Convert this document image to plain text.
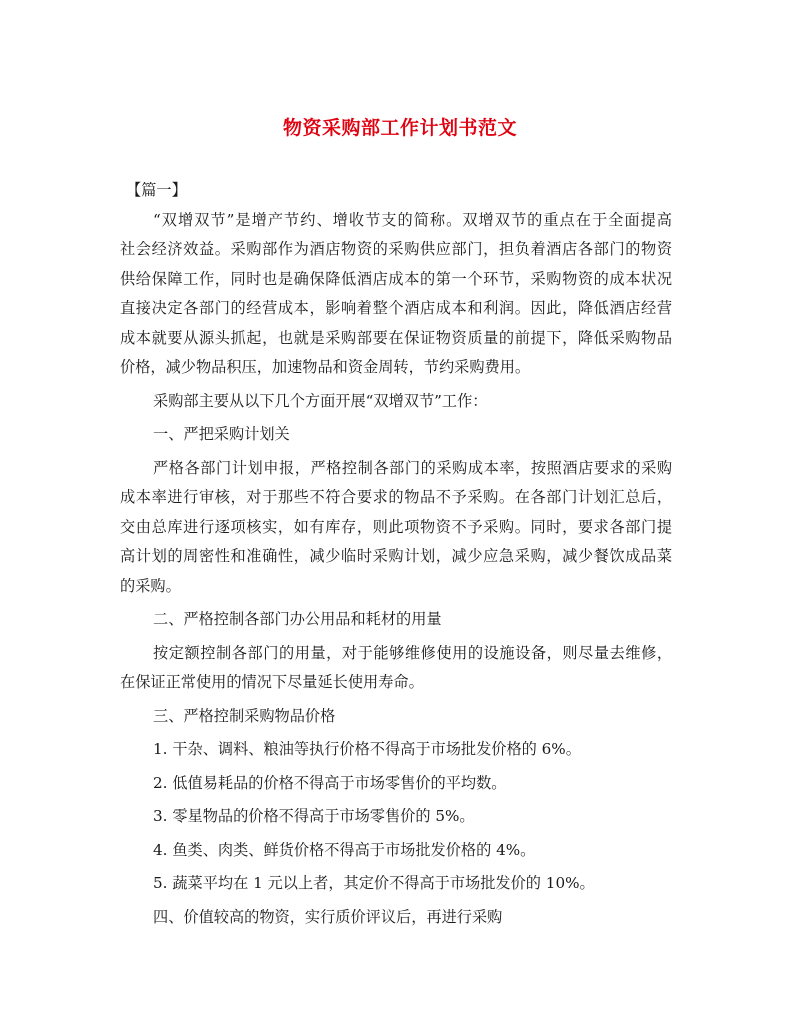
物资采购部工作计划书范文
【篇一】
“双增双节”是增产节约、增收节支的简称。双增双节的重点在于全面提高
社会经济效益。采购部作为酒店物资的采购供应部门，担负着酒店各部门的物资
供给保障工作，同时也是确保降低酒店成本的第一个环节，采购物资的成本状况
直接决定各部门的经营成本，影响着整个酒店成本和利润。因此，降低酒店经营
成本就要从源头抓起，也就是采购部要在保证物资质量的前提下，降低采购物品
价格，减少物品积压，加速物品和资金周转，节约采购费用。
采购部主要从以下几个方面开展“双增双节”工作：
一、严把采购计划关
严格各部门计划申报，严格控制各部门的采购成本率，按照酒店要求的采购
成本率进行审核，对于那些不符合要求的物品不予采购。在各部门计划汇总后，
交由总库进行逐项核实，如有库存，则此项物资不予采购。同时，要求各部门提
高计划的周密性和准确性，减少临时采购计划，减少应急采购，减少餐饮成品菜
的采购。
二、严格控制各部门办公用品和耗材的用量
按定额控制各部门的用量，对于能够维修使用的设施设备，则尽量去维修，
在保证正常使用的情况下尽量延长使用寿命。
三、严格控制采购物品价格
1. 干杂、调料、粮油等执行价格不得高于市场批发价格的 6%。
2. 低值易耗品的价格不得高于市场零售价的平均数。
3. 零星物品的价格不得高于市场零售价的 5%。
4. 鱼类、肉类、鲜货价格不得高于市场批发价格的 4%。
5. 蔬菜平均在 1 元以上者，其定价不得高于市场批发价的 10%。
四、价值较高的物资，实行质价评议后，再进行采购
